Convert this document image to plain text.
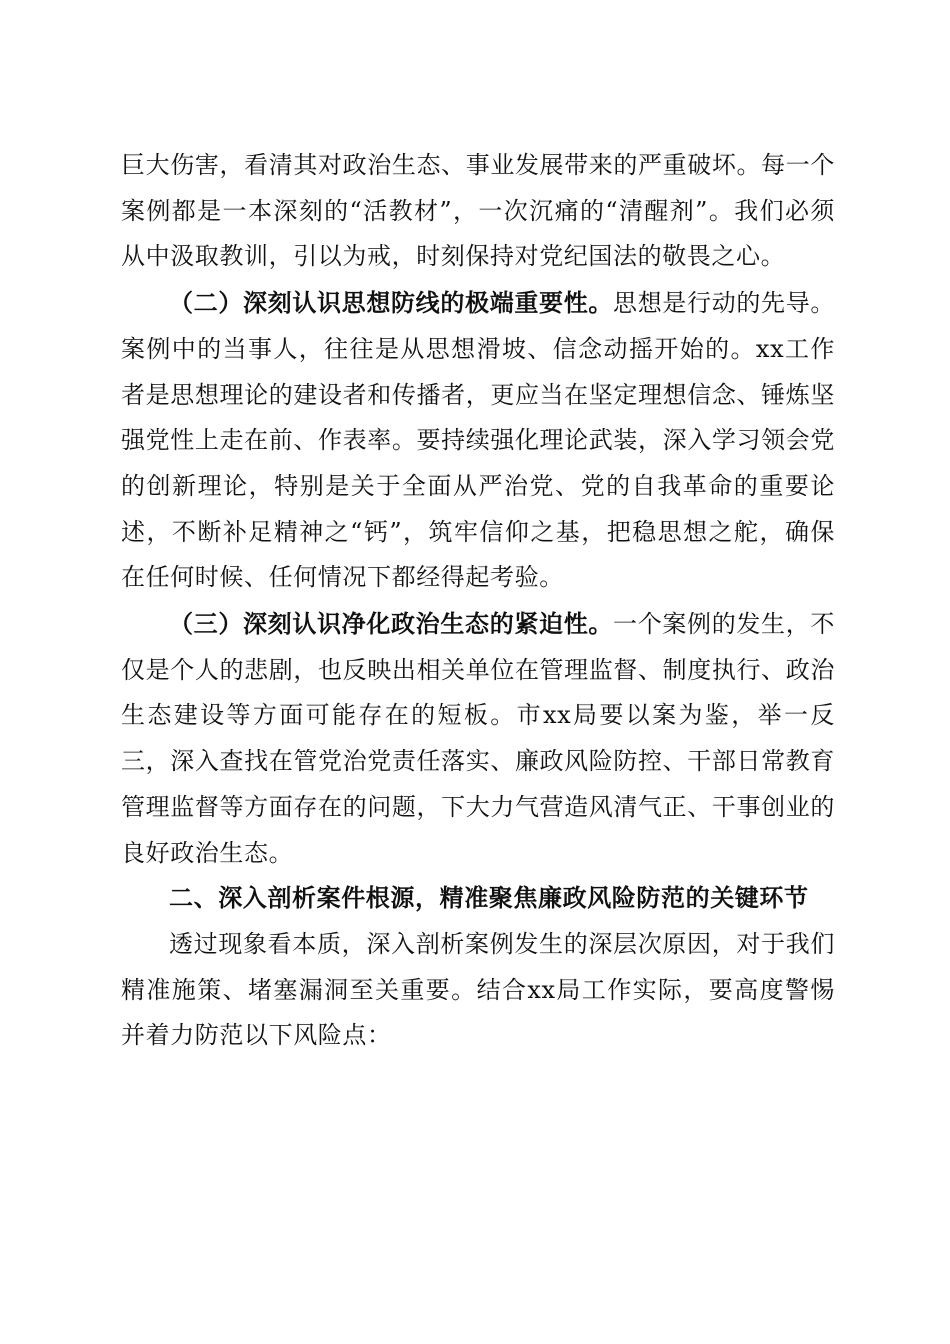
巨大伤害，看清其对政治生态、事业发展带来的严重破坏。每一个案例都是一本深刻的“活教材”，一次沉痛的“清醒剂”。我们必须从中汲取教训，引以为戒，时刻保持对党纪国法的敬畏之心。

（二）深刻认识思想防线的极端重要性。思想是行动的先导。案例中的当事人，往往是从思想滑坡、信念动摇开始的。xx工作者是思想理论的建设者和传播者，更应当在坚定理想信念、锤炼坚强党性上走在前、作表率。要持续强化理论武装，深入学习领会党的创新理论，特别是关于全面从严治党、党的自我革命的重要论述，不断补足精神之“钙”，筑牢信仰之基，把稳思想之舵，确保在任何时候、任何情况下都经得起考验。

（三）深刻认识净化政治生态的紧迫性。一个案例的发生，不仅是个人的悲剧，也反映出相关单位在管理监督、制度执行、政治生态建设等方面可能存在的短板。市xx局要以案为鉴，举一反三，深入查找在管党治党责任落实、廉政风险防控、干部日常教育管理监督等方面存在的问题，下大力气营造风清气正、干事创业的良好政治生态。

二、深入剖析案件根源，精准聚焦廉政风险防范的关键环节

透过现象看本质，深入剖析案例发生的深层次原因，对于我们精准施策、堵塞漏洞至关重要。结合xx局工作实际，要高度警惕并着力防范以下风险点：
